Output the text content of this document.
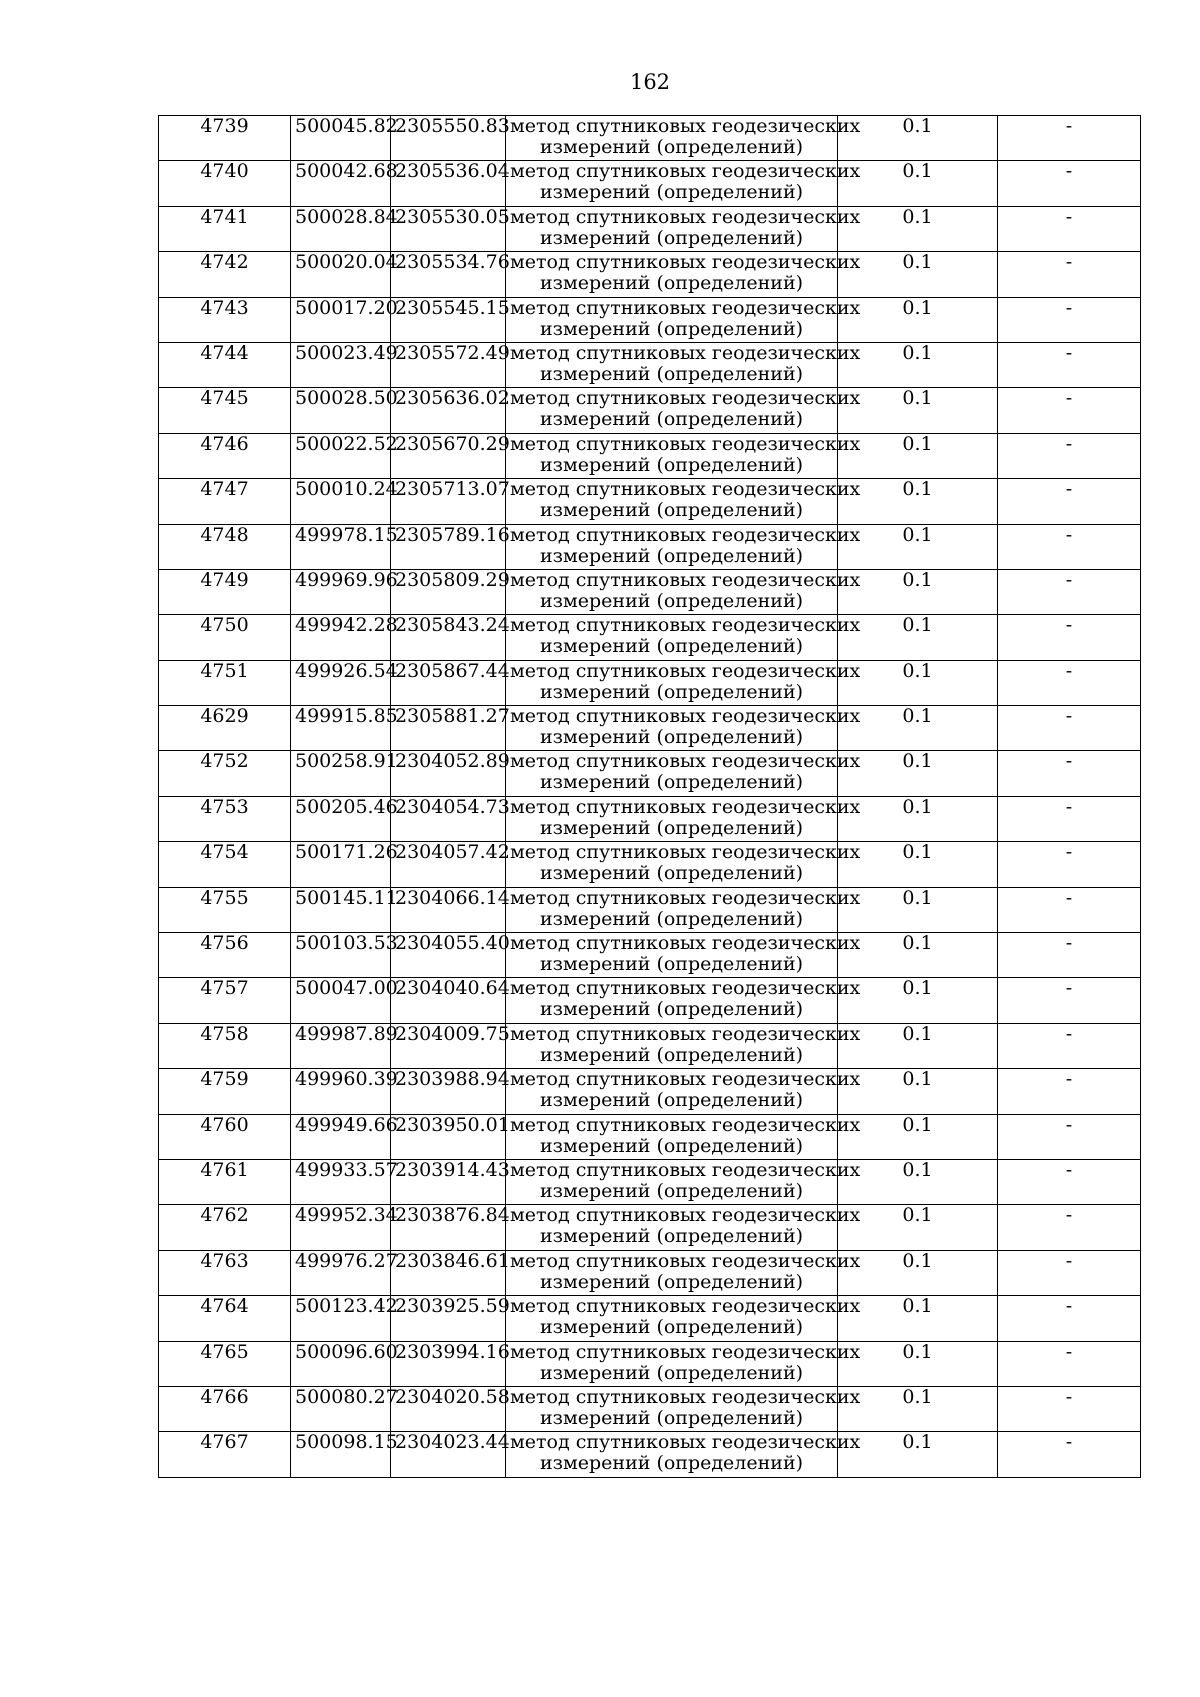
162
4739	500045.82	2305550.83	метод спутниковых геодезических
измерений (определений)	0.1	-
4740	500042.68	2305536.04	метод спутниковых геодезических
измерений (определений)	0.1	-
4741	500028.84	2305530.05	метод спутниковых геодезических
измерений (определений)	0.1	-
4742	500020.04	2305534.76	метод спутниковых геодезических
измерений (определений)	0.1	-
4743	500017.20	2305545.15	метод спутниковых геодезических
измерений (определений)	0.1	-
4744	500023.49	2305572.49	метод спутниковых геодезических
измерений (определений)	0.1	-
4745	500028.50	2305636.02	метод спутниковых геодезических
измерений (определений)	0.1	-
4746	500022.52	2305670.29	метод спутниковых геодезических
измерений (определений)	0.1	-
4747	500010.24	2305713.07	метод спутниковых геодезических
измерений (определений)	0.1	-
4748	499978.15	2305789.16	метод спутниковых геодезических
измерений (определений)	0.1	-
4749	499969.96	2305809.29	метод спутниковых геодезических
измерений (определений)	0.1	-
4750	499942.28	2305843.24	метод спутниковых геодезических
измерений (определений)	0.1	-
4751	499926.54	2305867.44	метод спутниковых геодезических
измерений (определений)	0.1	-
4629	499915.85	2305881.27	метод спутниковых геодезических
измерений (определений)	0.1	-
4752	500258.91	2304052.89	метод спутниковых геодезических
измерений (определений)	0.1	-
4753	500205.46	2304054.73	метод спутниковых геодезических
измерений (определений)	0.1	-
4754	500171.26	2304057.42	метод спутниковых геодезических
измерений (определений)	0.1	-
4755	500145.11	2304066.14	метод спутниковых геодезических
измерений (определений)	0.1	-
4756	500103.53	2304055.40	метод спутниковых геодезических
измерений (определений)	0.1	-
4757	500047.00	2304040.64	метод спутниковых геодезических
измерений (определений)	0.1	-
4758	499987.89	2304009.75	метод спутниковых геодезических
измерений (определений)	0.1	-
4759	499960.39	2303988.94	метод спутниковых геодезических
измерений (определений)	0.1	-
4760	499949.66	2303950.01	метод спутниковых геодезических
измерений (определений)	0.1	-
4761	499933.57	2303914.43	метод спутниковых геодезических
измерений (определений)	0.1	-
4762	499952.34	2303876.84	метод спутниковых геодезических
измерений (определений)	0.1	-
4763	499976.27	2303846.61	метод спутниковых геодезических
измерений (определений)	0.1	-
4764	500123.42	2303925.59	метод спутниковых геодезических
измерений (определений)	0.1	-
4765	500096.60	2303994.16	метод спутниковых геодезических
измерений (определений)	0.1	-
4766	500080.27	2304020.58	метод спутниковых геодезических
измерений (определений)	0.1	-
4767	500098.15	2304023.44	метод спутниковых геодезических
измерений (определений)	0.1	-
